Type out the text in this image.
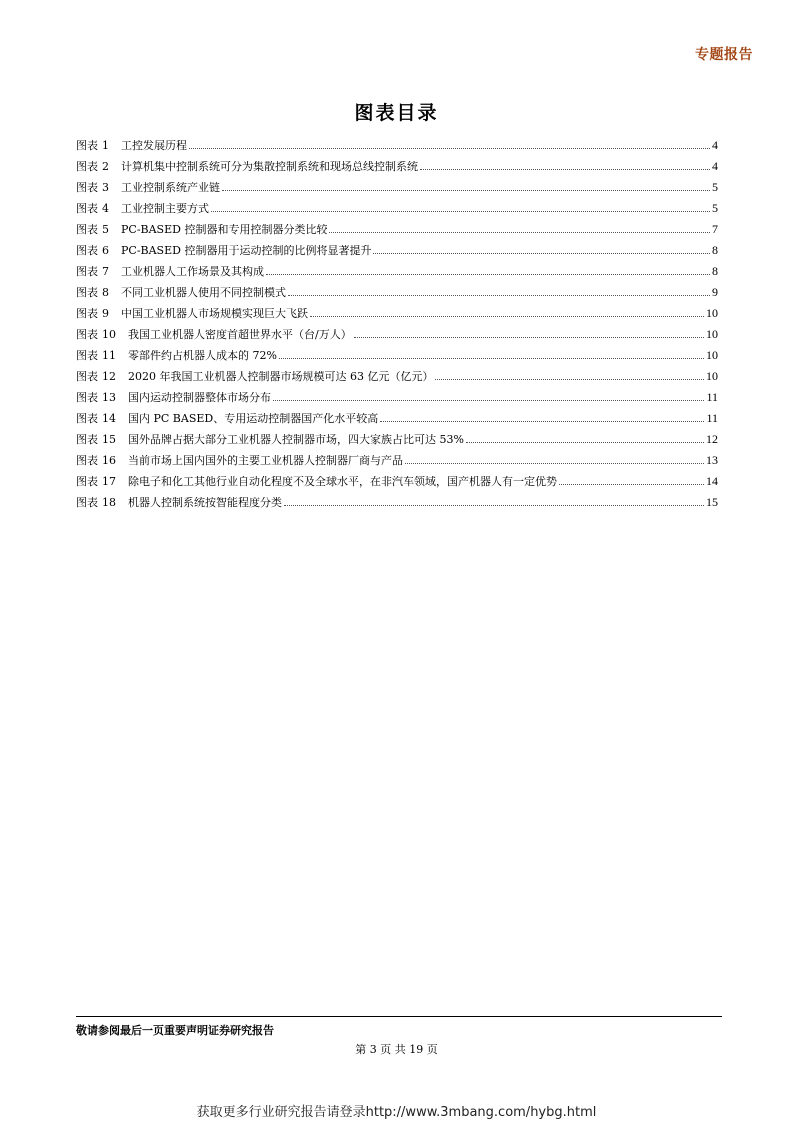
专题报告
图表目录
图表 1 工控发展历程	4
图表 2 计算机集中控制系统可分为集散控制系统和现场总线控制系统	4
图表 3 工业控制系统产业链	5
图表 4 工业控制主要方式	5
图表 5 PC-BASED 控制器和专用控制器分类比较	7
图表 6 PC-BASED 控制器用于运动控制的比例将显著提升	8
图表 7 工业机器人工作场景及其构成	8
图表 8 不同工业机器人使用不同控制模式	9
图表 9 中国工业机器人市场规模实现巨大飞跃	10
图表 10 我国工业机器人密度首超世界水平（台/万人）	10
图表 11 零部件约占机器人成本的 72%	10
图表 12 2020 年我国工业机器人控制器市场规模可达 63 亿元（亿元）	10
图表 13 国内运动控制器整体市场分布	11
图表 14 国内 PC BASED、专用运动控制器国产化水平较高	11
图表 15 国外品牌占据大部分工业机器人控制器市场，四大家族占比可达 53%	12
图表 16 当前市场上国内国外的主要工业机器人控制器厂商与产品	13
图表 17 除电子和化工其他行业自动化程度不及全球水平，在非汽车领域，国产机器人有一定优势	14
图表 18 机器人控制系统按智能程度分类	15
敬请参阅最后一页重要声明证券研究报告
第 3 页 共 19 页
获取更多行业研究报告请登录http://www.3mbang.com/hybg.html
